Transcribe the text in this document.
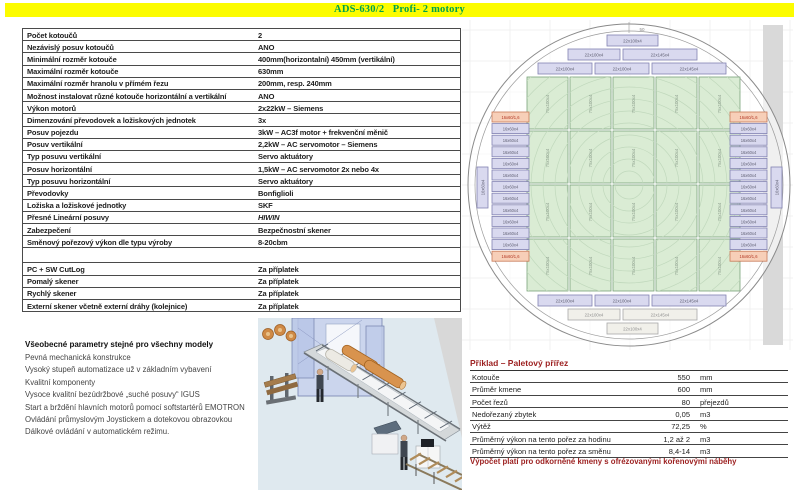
ADS-630/2   Profi- 2 motory
Počet kotoučů	2
Nezávislý posuv kotoučů	ANO
Minimální rozměr kotouče	400mm(horizontalní) 450mm (vertikální)
Maximální rozměr kotouče	630mm
Maximální rozměr hranolu v přímém řezu	200mm, resp. 240mm
Možnost instalovat různé kotouče horizontální a vertikální	ANO
Výkon motorů	2x22kW – Siemens
Dimenzování převodovek a ložiskových jednotek	3x
Posuv pojezdu	3kW – AC3f motor + frekvenční měnič
Posuv vertikální	2,2kW – AC servomotor – Siemens
Typ posuvu vertikální	Servo aktuátory
Posuv horizontální	1,5kW – AC servomotor 2x nebo 4x
Typ posuvu horizontální	Servo aktuátory
Převodovky	Bonfiglioli
Ložiska a ložiskové jednotky	SKF
Přesné Lineární posuvy	HIWIN
Zabezpečení	Bezpečnostní skener
Směnový pořezový výkon dle typu výroby	8-20cbm
PC + SW CutLog	Za příplatek
Pomalý skener	Za příplatek
Rychlý skener	Za příplatek
Externí skener včetně externí dráhy (kolejnice)	Za příplatek
Všeobecné parametry stejné pro všechny modely
Pevná mechanická konstrukce
Vysoký stupeň automatizace už v základním vybavení
Kvalitní komponenty
Vysoce kvalitní bezúdržbové „suché posuvy“ IGUS
Start a brždění hlavních motorů pomocí softstartérů EMOTRON
Ovládání průmyslovým Joystickem a dotekovou obrazovkou
Dálkové ovládání v automatickém režimu.
75x100x4
75x100x4
75x100x4
75x100x4
75x100x4
75x100x4
75x100x4
75x100x4
75x100x4
75x100x4
75x100x4
75x100x4
75x100x4
75x100x4
75x100x4
75x100x4
75x100x4
75x100x4
75x100x4
75x100x4
22x100x4
22x100x4	22x145x4
22x100x4	22x100x4	22x145x4
22x100x4	22x100x4	22x145x4
22x100x4	22x145x4
22x100x4
16x60/1,6
16x60x4
16x60x4
16x60x4
16x60x4
16x60x4
16x60x4
16x60x4
16x60x4
16x60x4
16x60x4
16x60x4
16x60/1,6
16x60/1,6
16x60x4
16x60x4
16x60x4
16x60x4
16x60x4
16x60x4
16x60x4
16x60x4
16x60x4
16x60x4
16x60x4
16x60/1,6
16x60x4	16x60x4
50
Příklad – Paletový přířez
Kotouče	550 mm
Průměr kmene	600 mm
Počet řezů	80 přejezdů
Nedořezaný zbytek	0,05 m3
Výtěž	72,25 %
Průměrný výkon na tento pořez za hodinu	1,2 až 2 m3
Průměrný výkon na tento pořez za směnu	8,4-14 m3
Výpočet platí pro odkorněné kmeny s ofrézovanými kořenovými náběhy
